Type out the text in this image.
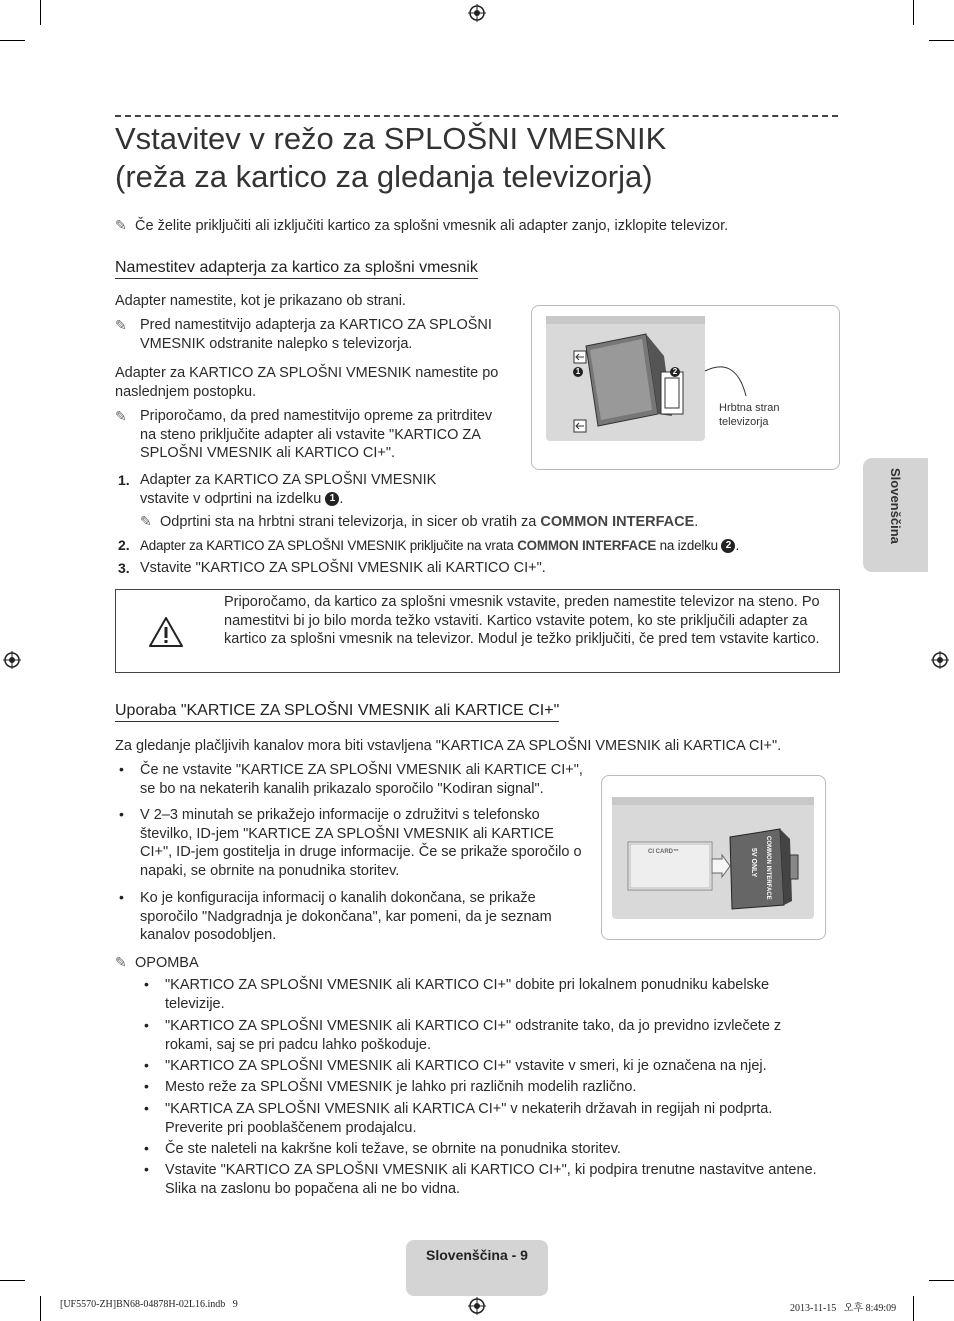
Vstavitev v režo za SPLOŠNI VMESNIK
(reža za kartico za gledanja televizorja)
✎ Če želite priključiti ali izključiti kartico za splošni vmesnik ali adapter zanjo, izklopite televizor.
Namestitev adapterja za kartico za splošni vmesnik
Adapter namestite, kot je prikazano ob strani.
✎ Pred namestitvijo adapterja za KARTICO ZA SPLOŠNI VMESNIK odstranite nalepko s televizorja.
Adapter za KARTICO ZA SPLOŠNI VMESNIK namestite po naslednjem postopku.
✎ Priporočamo, da pred namestitvijo opreme za pritrditev na steno priključite adapter ali vstavite "KARTICO ZA SPLOŠNI VMESNIK ali KARTICO CI+".
1. Adapter za KARTICO ZA SPLOŠNI VMESNIK vstavite v odprtini na izdelku 1 .
✎ Odprtini sta na hrbtni strani televizorja, in sicer ob vratih za COMMON INTERFACE.
2. Adapter za KARTICO ZA SPLOŠNI VMESNIK priključite na vrata COMMON INTERFACE na izdelku 2 .
3. Vstavite "KARTICO ZA SPLOŠNI VMESNIK ali KARTICO CI+".
1	2
Hrbtna stran televizorja
Priporočamo, da kartico za splošni vmesnik vstavite, preden namestite televizor na steno. Po namestitvi bi jo bilo morda težko vstaviti. Kartico vstavite potem, ko ste priključili adapter za kartico za splošni vmesnik na televizor. Modul je težko priključiti, če pred tem vstavite kartico.
Uporaba "KARTICE ZA SPLOŠNI VMESNIK ali KARTICE CI+"
Za gledanje plačljivih kanalov mora biti vstavljena "KARTICA ZA SPLOŠNI VMESNIK ali KARTICA CI+".
• Če ne vstavite "KARTICE ZA SPLOŠNI VMESNIK ali KARTICE CI+", se bo na nekaterih kanalih prikazalo sporočilo "Kodiran signal".
• V 2–3 minutah se prikažejo informacije o združitvi s telefonsko številko, ID-jem "KARTICE ZA SPLOŠNI VMESNIK ali KARTICE CI+", ID-jem gostitelja in druge informacije. Če se prikaže sporočilo o napaki, se obrnite na ponudnika storitev.
• Ko je konfiguracija informacij o kanalih dokončana, se prikaže sporočilo "Nadgradnja je dokončana", kar pomeni, da je seznam kanalov posodobljen.
CI CARD™	COMMON INTERFACE
5V ONLY
✎ OPOMBA
• "KARTICO ZA SPLOŠNI VMESNIK ali KARTICO CI+" dobite pri lokalnem ponudniku kabelske televizije.
• "KARTICO ZA SPLOŠNI VMESNIK ali KARTICO CI+" odstranite tako, da jo previdno izvlečete z rokami, saj se pri padcu lahko poškoduje.
• "KARTICO ZA SPLOŠNI VMESNIK ali KARTICO CI+" vstavite v smeri, ki je označena na njej.
• Mesto reže za SPLOŠNI VMESNIK je lahko pri različnih modelih različno.
• "KARTICA ZA SPLOŠNI VMESNIK ali KARTICA CI+" v nekaterih državah in regijah ni podprta. Preverite pri pooblaščenem prodajalcu.
• Če ste naleteli na kakršne koli težave, se obrnite na ponudnika storitev.
• Vstavite "KARTICO ZA SPLOŠNI VMESNIK ali KARTICO CI+", ki podpira trenutne nastavitve antene. Slika na zaslonu bo popačena ali ne bo vidna.
Slovenščina
Slovenščina - 9
[UF5570-ZH]BN68-04878H-02L16.indb   9	2013-11-15   오후 8:49:09
